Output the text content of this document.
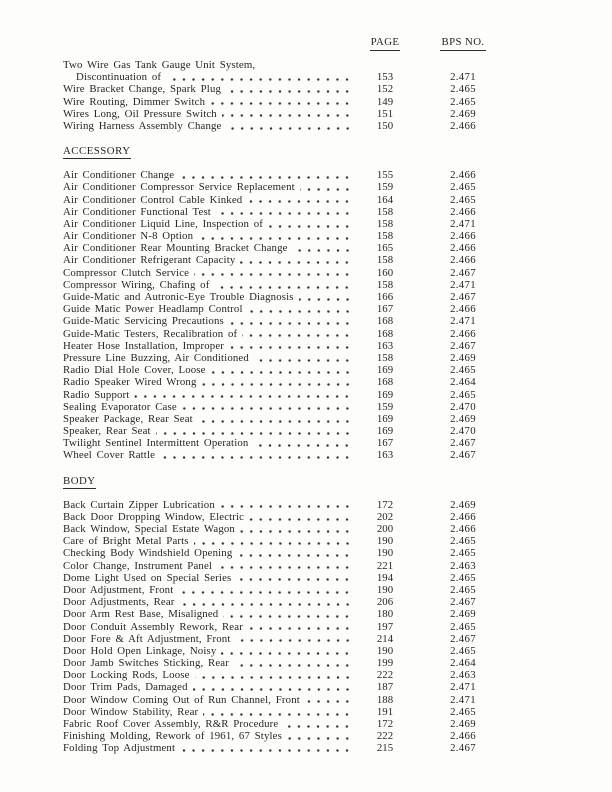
PAGE	BPS NO.
Two Wire Gas Tank Gauge Unit System,
Discontinuation of	153	2.471
Wire Bracket Change, Spark Plug	152	2.465
Wire Routing, Dimmer Switch	149	2.465
Wires Long, Oil Pressure Switch	151	2.469
Wiring Harness Assembly Change	150	2.466
ACCESSORY
Air Conditioner Change	155	2.466
Air Conditioner Compressor Service Replacement	159	2.465
Air Conditioner Control Cable Kinked	164	2.465
Air Conditioner Functional Test	158	2.466
Air Conditioner Liquid Line, Inspection of	158	2.471
Air Conditioner N-8 Option	158	2.466
Air Conditioner Rear Mounting Bracket Change	165	2.466
Air Conditioner Refrigerant Capacity	158	2.466
Compressor Clutch Service	160	2.467
Compressor Wiring, Chafing of	158	2.471
Guide-Matic and Autronic-Eye Trouble Diagnosis	166	2.467
Guide Matic Power Headlamp Control	167	2.466
Guide-Matic Servicing Precautions	168	2.471
Guide-Matic Testers, Recalibration of	168	2.466
Heater Hose Installation, Improper	163	2.467
Pressure Line Buzzing, Air Conditioned	158	2.469
Radio Dial Hole Cover, Loose	169	2.465
Radio Speaker Wired Wrong	168	2.464
Radio Support	169	2.465
Sealing Evaporator Case	159	2.470
Speaker Package, Rear Seat	169	2.469
Speaker, Rear Seat	169	2.470
Twilight Sentinel Intermittent Operation	167	2.467
Wheel Cover Rattle	163	2.467
BODY
Back Curtain Zipper Lubrication	172	2.469
Back Door Dropping Window, Electric	202	2.466
Back Window, Special Estate Wagon	200	2.466
Care of Bright Metal Parts	190	2.465
Checking Body Windshield Opening	190	2.465
Color Change, Instrument Panel	221	2.463
Dome Light Used on Special Series	194	2.465
Door Adjustment, Front	190	2.465
Door Adjustments, Rear	206	2.467
Door Arm Rest Base, Misaligned	180	2.469
Door Conduit Assembly Rework, Rear	197	2.465
Door Fore & Aft Adjustment, Front	214	2.467
Door Hold Open Linkage, Noisy	190	2.465
Door Jamb Switches Sticking, Rear	199	2.464
Door Locking Rods, Loose	222	2.463
Door Trim Pads, Damaged	187	2.471
Door Window Coming Out of Run Channel, Front	188	2.471
Door Window Stability, Rear	191	2.465
Fabric Roof Cover Assembly, R&R Procedure	172	2.469
Finishing Molding, Rework of 1961, 67 Styles	222	2.466
Folding Top Adjustment	215	2.467
